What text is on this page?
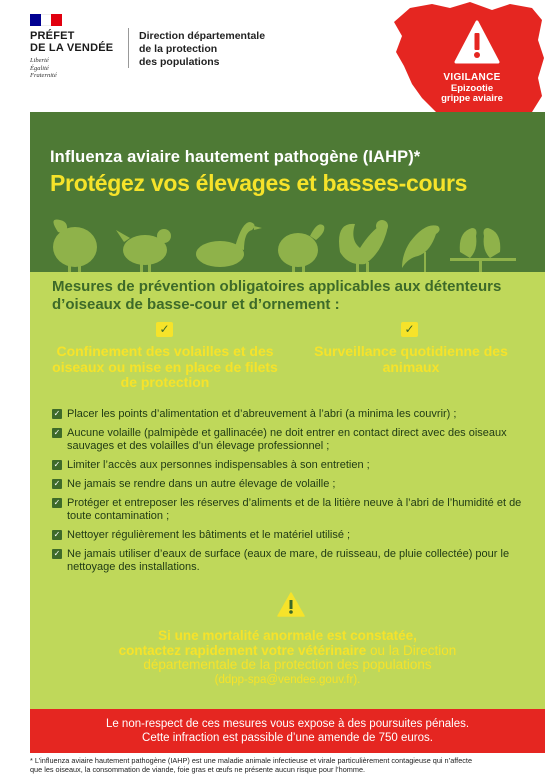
PRÉFET
DE LA VENDÉE
Liberté
Égalité
Fraternité
Direction départementale
de la protection
des populations
VIGILANCE
Epizootie
grippe aviaire
Influenza aviaire hautement pathogène (IAHP)*
Protégez vos élevages et basses-cours
Mesures de prévention obligatoires applicables aux détenteurs d’oiseaux de basse-cour et d’ornement :
✓
Confinement des volailles et des oiseaux ou mise en place de filets de protection
✓
Surveillance quotidienne des animaux
✓ Placer les points d’alimentation et d’abreuvement à l’abri (a minima les couvrir) ;
✓ Aucune volaille (palmipède et gallinacée) ne doit entrer en contact direct avec des oiseaux sauvages et des volailles d’un élevage professionnel ;
✓ Limiter l’accès aux personnes indispensables à son entretien ;
✓ Ne jamais se rendre dans un autre élevage de volaille ;
✓ Protéger et entreposer les réserves d’aliments et de la litière neuve à l’abri de l’humidité et de toute contamination ;
✓ Nettoyer régulièrement les bâtiments et le matériel utilisé ;
✓ Ne jamais utiliser d’eaux de surface (eaux de mare, de ruisseau, de pluie collectée) pour le nettoyage des installations.
Si une mortalité anormale est constatée,
contactez rapidement votre vétérinaire ou la Direction
départementale de la protection des populations
(ddpp-spa@vendee.gouv.fr).
Le non-respect de ces mesures vous expose à des poursuites pénales.
Cette infraction est passible d’une amende de 750 euros.
* L’influenza aviaire hautement pathogène (IAHP) est une maladie animale infectieuse et virale particulièrement contagieuse qui n’affecte
que les oiseaux, la consommation de viande, foie gras et œufs ne présente aucun risque pour l’homme.
